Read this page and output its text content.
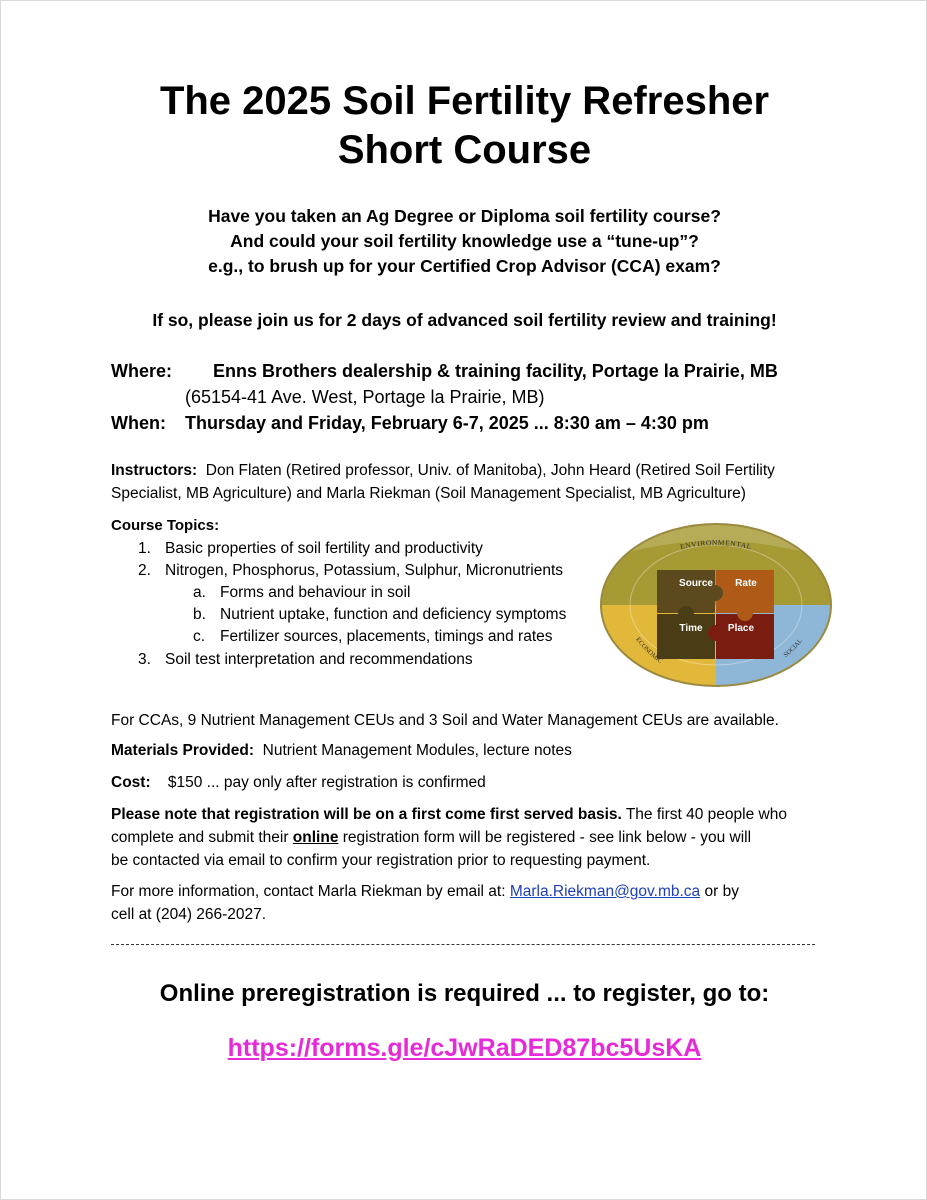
The 2025 Soil Fertility Refresher
Short Course
Have you taken an Ag Degree or Diploma soil fertility course?
And could your soil fertility knowledge use a “tune-up”?
e.g., to brush up for your Certified Crop Advisor (CCA) exam?
If so, please join us for 2 days of advanced soil fertility review and training!
Where: Enns Brothers dealership & training facility, Portage la Prairie, MB
(65154-41 Ave. West, Portage la Prairie, MB)
When: Thursday and Friday, February 6-7, 2025 ... 8:30 am – 4:30 pm
Instructors: Don Flaten (Retired professor, Univ. of Manitoba), John Heard (Retired Soil Fertility
Specialist, MB Agriculture) and Marla Riekman (Soil Management Specialist, MB Agriculture)
Course Topics:
1. Basic properties of soil fertility and productivity
2. Nitrogen, Phosphorus, Potassium, Sulphur, Micronutrients
a. Forms and behaviour in soil
b. Nutrient uptake, function and deficiency symptoms
c. Fertilizer sources, placements, timings and rates
3. Soil test interpretation and recommendations
Source Rate
Time	Place
ENVIRONMENTAL
ECONOMIC
SOCIAL
For CCAs, 9 Nutrient Management CEUs and 3 Soil and Water Management CEUs are available.
Materials Provided: Nutrient Management Modules, lecture notes
Cost: $150 ... pay only after registration is confirmed
Please note that registration will be on a first come first served basis. The first 40 people who
complete and submit their online registration form will be registered - see link below - you will
be contacted via email to confirm your registration prior to requesting payment.
For more information, contact Marla Riekman by email at: Marla.Riekman@gov.mb.ca or by
cell at (204) 266-2027.
Online preregistration is required ... to register, go to:
https://forms.gle/cJwRaDED87bc5UsKA
